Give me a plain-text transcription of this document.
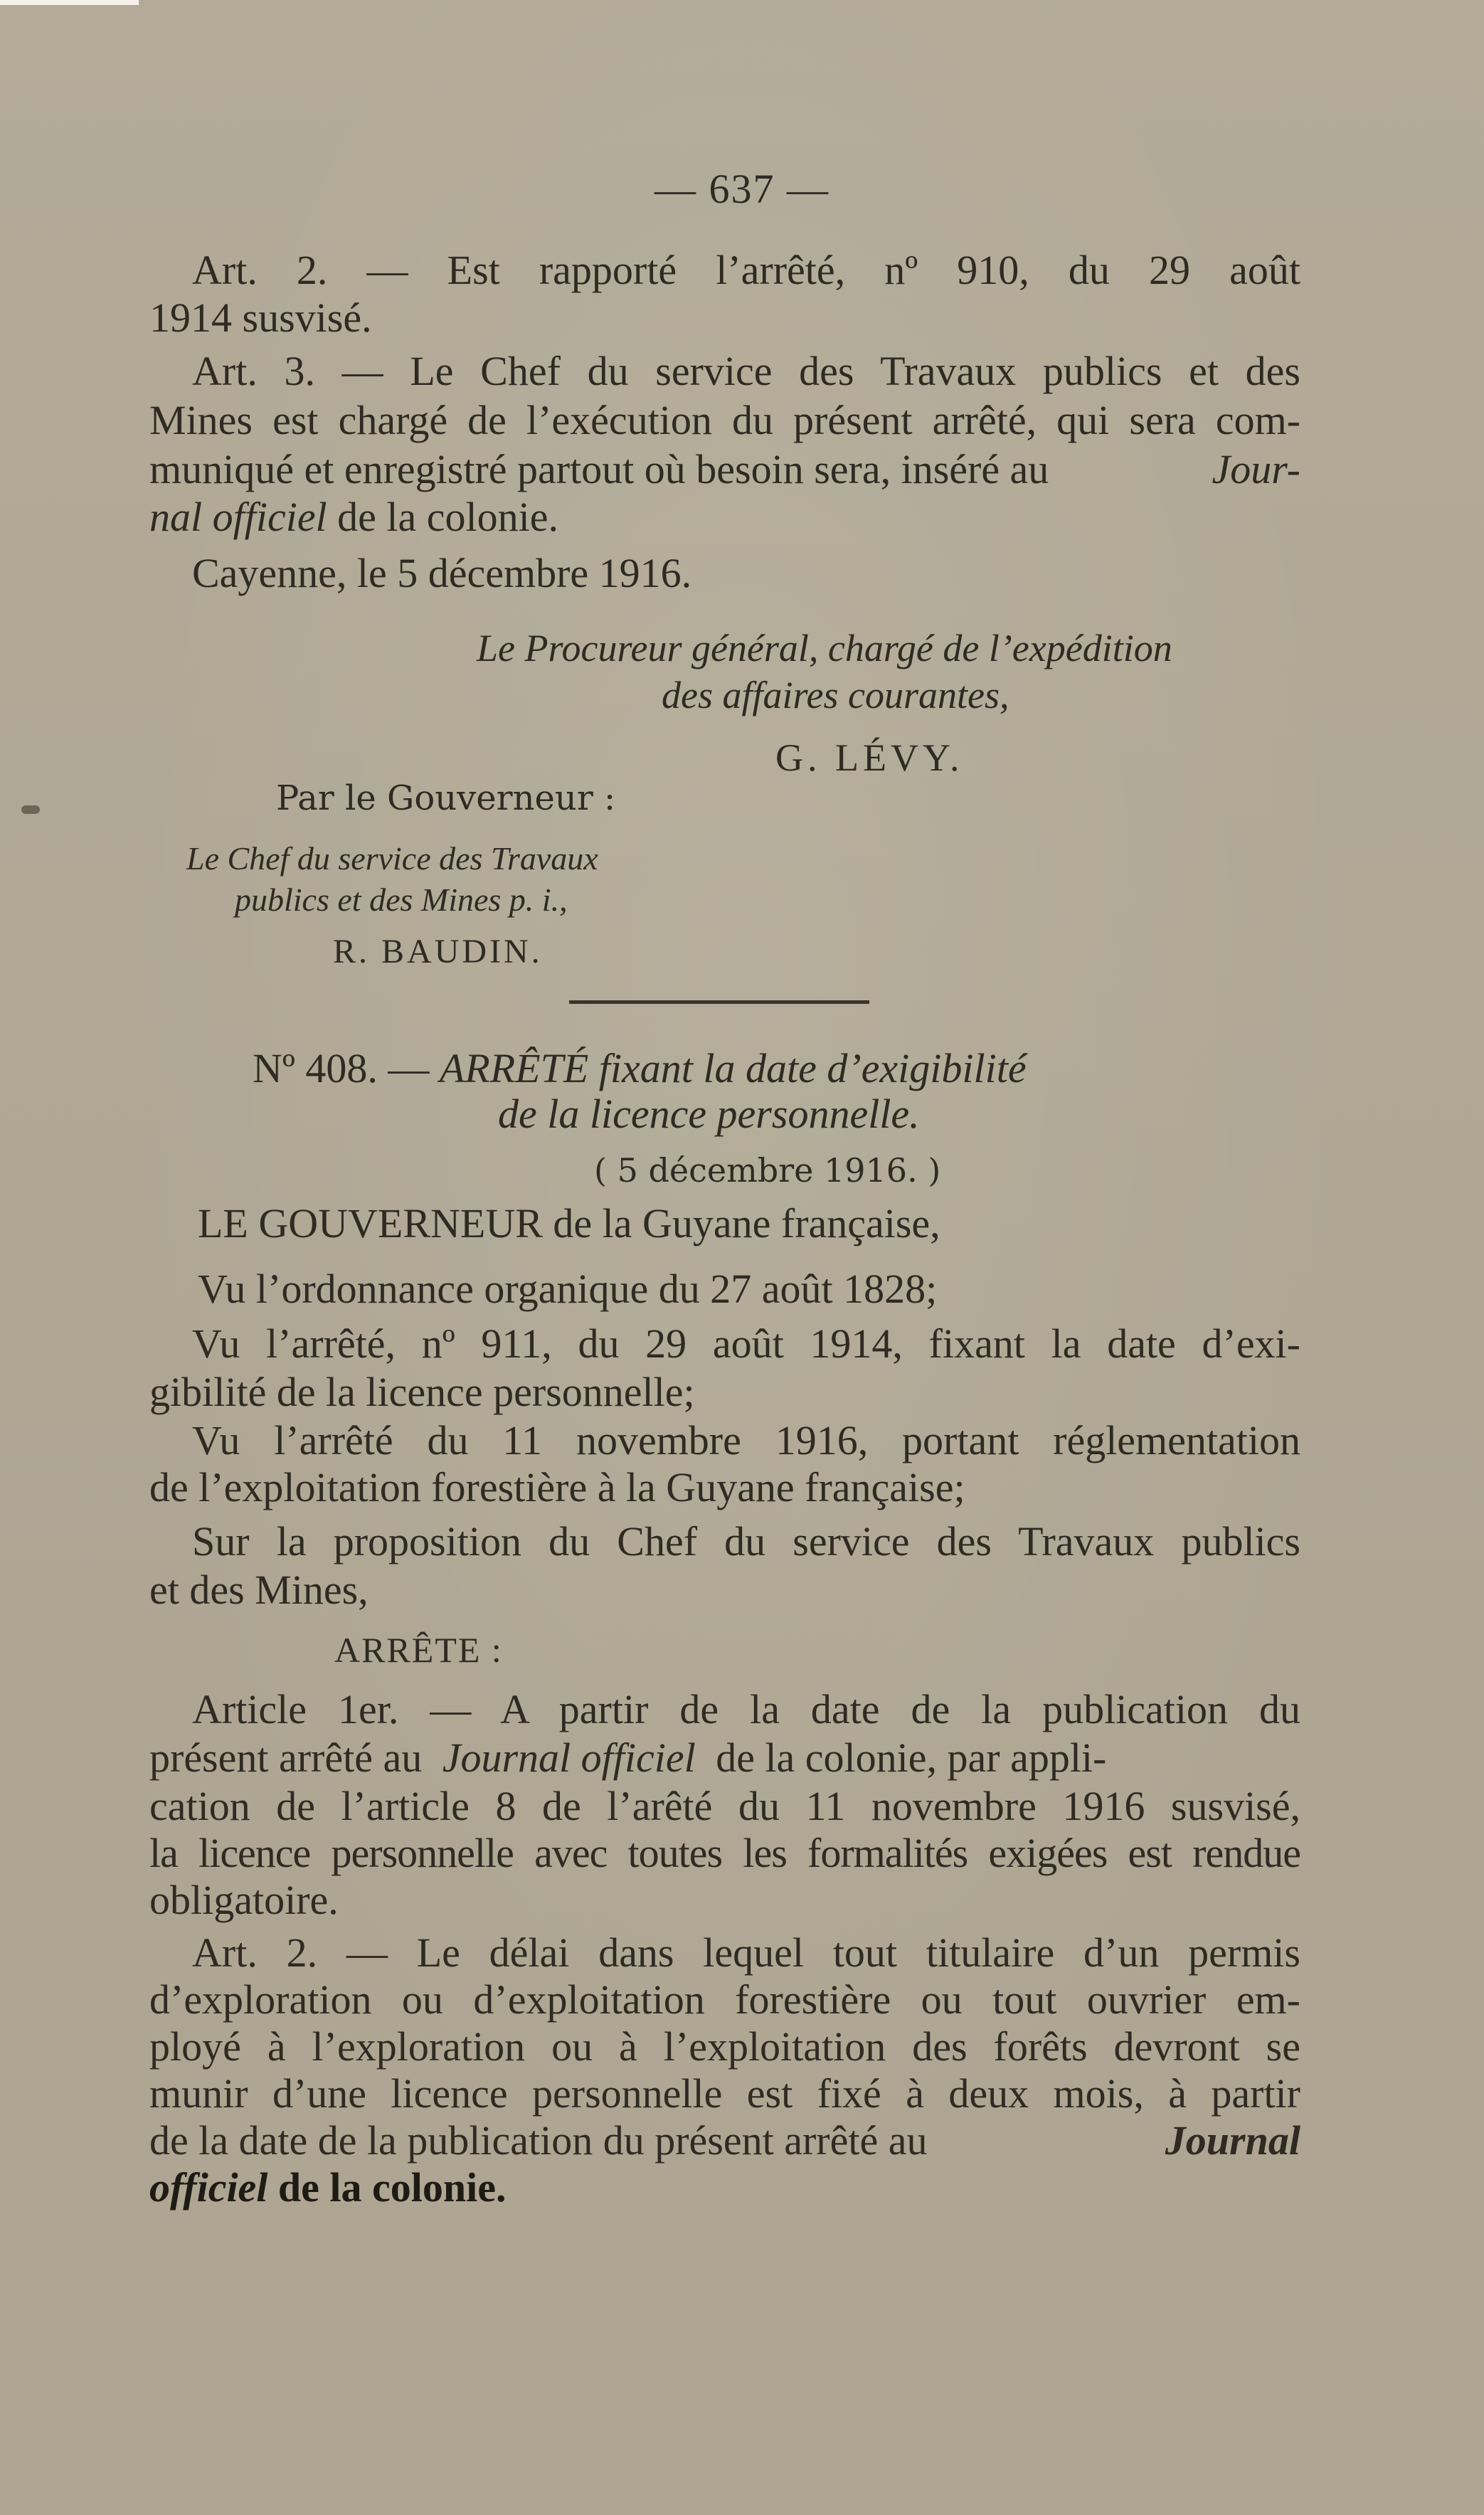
— 637 —
Art. 2. — Est rapporté l’arrêté, nº 910, du 29 août
1914 susvisé.
Art. 3. — Le Chef du service des Travaux publics et des
Mines est chargé de l’exécution du présent arrêté, qui sera com-
muniqué et enregistré partout où besoin sera, inséré au	Jour-
nal officiel de la colonie.
Cayenne, le 5 décembre 1916.
Le Procureur général, chargé de l’expédition
des affaires courantes,
G. LÉVY.
Par le Gouverneur :
Le Chef du service des Travaux
publics et des Mines p. i.,
R. BAUDIN.
Nº 408. — ARRÊTÉ fixant la date d’exigibilité
de la licence personnelle.
( 5 décembre 1916. )
LE GOUVERNEUR de la Guyane française,
Vu l’ordonnance organique du 27 août 1828;
Vu l’arrêté, nº 911, du 29 août 1914, fixant la date d’exi-
gibilité de la licence personnelle;
Vu l’arrêté du 11 novembre 1916, portant réglementation
de l’exploitation forestière à la Guyane française;
Sur la proposition du Chef du service des Travaux publics
et des Mines,
ARRÊTE :
Article 1er. — A partir de la date de la publication du
présent arrêté au Journal officiel de la colonie, par appli-
cation de l’article 8 de l’arêté du 11 novembre 1916 susvisé,
la licence personnelle avec toutes les formalités exigées est rendue
obligatoire.
Art. 2. — Le délai dans lequel tout titulaire d’un permis
d’exploration ou d’exploitation forestière ou tout ouvrier em-
ployé à l’exploration ou à l’exploitation des forêts devront se
munir d’une licence personnelle est fixé à deux mois, à partir
de la date de la publication du présent arrêté au	Journal
officiel de la colonie.
